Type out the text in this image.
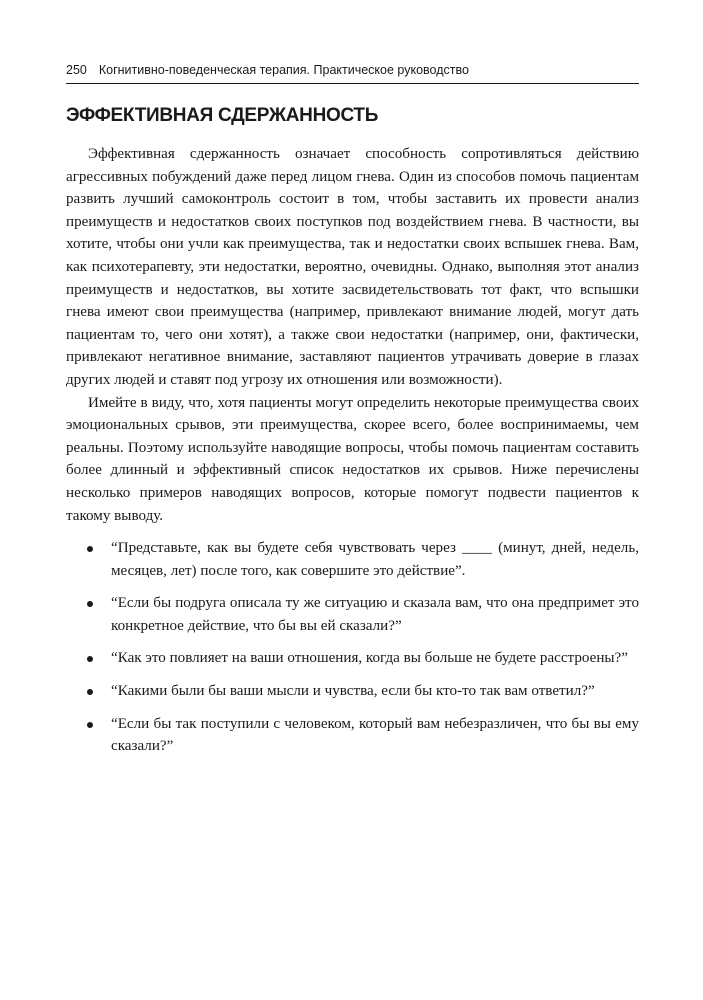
250 Когнитивно-поведенческая терапия. Практическое руководство
ЭФФЕКТИВНАЯ СДЕРЖАННОСТЬ

Эффективная сдержанность означает способность сопротивляться действию агрессивных побуждений даже перед лицом гнева. Один из способов помочь пациентам развить лучший самоконтроль состоит в том, чтобы заставить их провести анализ преимуществ и недостатков своих поступков под воздействием гнева. В частности, вы хотите, чтобы они учли как преимущества, так и недостатки своих вспышек гнева. Вам, как психотерапевту, эти недостатки, вероятно, очевидны. Однако, выполняя этот анализ преимуществ и недостатков, вы хотите засвидетельствовать тот факт, что вспышки гнева имеют свои преимущества (например, привлекают внимание людей, могут дать пациентам то, чего они хотят), а также свои недостатки (например, они, фактически, привлекают негативное внимание, заставляют пациентов утрачивать доверие в глазах других людей и ставят под угрозу их отношения или возможности).

Имейте в виду, что, хотя пациенты могут определить некоторые преимущества своих эмоциональных срывов, эти преимущества, скорее всего, более воспринимаемы, чем реальны. Поэтому используйте наводящие вопросы, чтобы помочь пациентам составить более длинный и эффективный список недостатков их срывов. Ниже перечислены несколько примеров наводящих вопросов, которые помогут подвести пациентов к такому выводу.

“Представьте, как вы будете себя чувствовать через ____ (минут, дней, недель, месяцев, лет) после того, как совершите это действие”.
“Если бы подруга описала ту же ситуацию и сказала вам, что она предпримет это конкретное действие, что бы вы ей сказали?”
“Как это повлияет на ваши отношения, когда вы больше не будете расстроены?”
“Какими были бы ваши мысли и чувства, если бы кто-то так вам ответил?”
“Если бы так поступили с человеком, который вам небезразличен, что бы вы ему сказали?”
